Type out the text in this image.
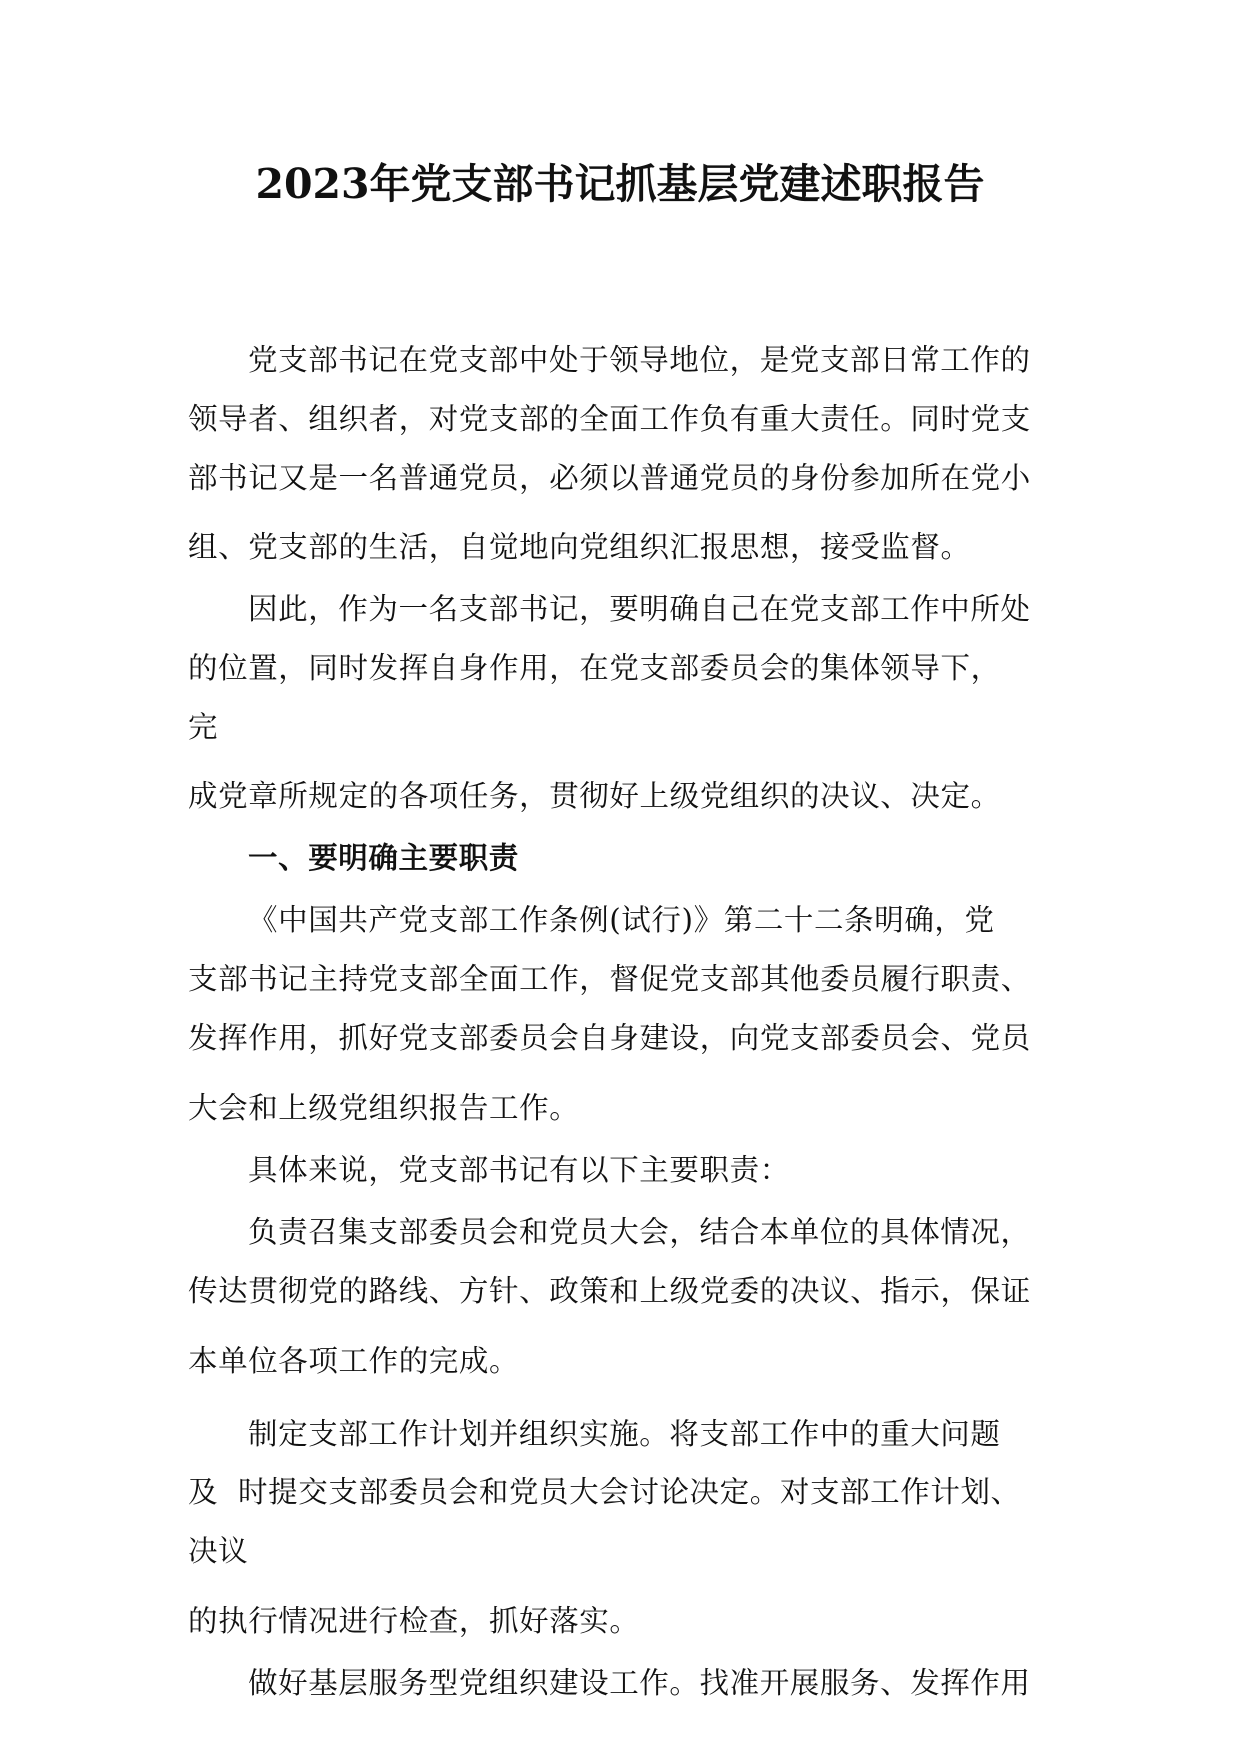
2023年党支部书记抓基层党建述职报告
党支部书记在党支部中处于领导地位，是党支部日常工作的
领导者、组织者，对党支部的全面工作负有重大责任。同时党支
部书记又是一名普通党员，必须以普通党员的身份参加所在党小
组、党支部的生活，自觉地向党组织汇报思想，接受监督。
因此，作为一名支部书记，要明确自己在党支部工作中所处
的位置，同时发挥自身作用，在党支部委员会的集体领导下，
完
成党章所规定的各项任务，贯彻好上级党组织的决议、决定。
一、要明确主要职责
《中国共产党支部工作条例(试行)》第二十二条明确，党
支部书记主持党支部全面工作，督促党支部其他委员履行职责、
发挥作用，抓好党支部委员会自身建设，向党支部委员会、党员
大会和上级党组织报告工作。
具体来说，党支部书记有以下主要职责：
负责召集支部委员会和党员大会，结合本单位的具体情况，
传达贯彻党的路线、方针、政策和上级党委的决议、指示，保证
本单位各项工作的完成。
制定支部工作计划并组织实施。将支部工作中的重大问题
及  时提交支部委员会和党员大会讨论决定。对支部工作计划、
决议
的执行情况进行检查，抓好落实。
做好基层服务型党组织建设工作。找准开展服务、发挥作用
